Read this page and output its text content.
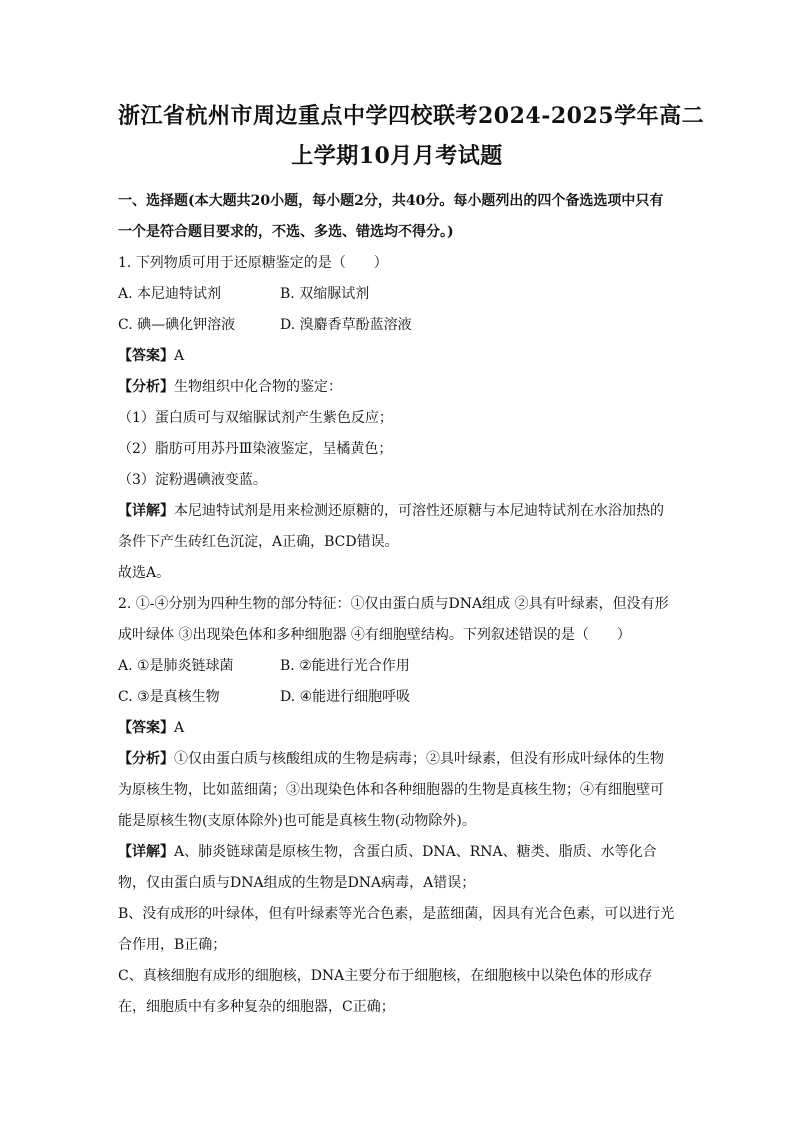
浙江省杭州市周边重点中学四校联考2024-2025学年高二
上学期10月月考试题

一、选择题(本大题共20小题，每小题2分，共40分。每小题列出的四个备选选项中只有一个是符合题目要求的，不选、多选、错选均不得分。)

1. 下列物质可用于还原糖鉴定的是（　　）

A. 本尼迪特试剂	B. 双缩脲试剂
C. 碘—碘化钾溶液	D. 溴麝香草酚蓝溶液

【答案】A

【分析】生物组织中化合物的鉴定：

（1）蛋白质可与双缩脲试剂产生紫色反应；

（2）脂肪可用苏丹Ⅲ染液鉴定，呈橘黄色；

（3）淀粉遇碘液变蓝。

【详解】本尼迪特试剂是用来检测还原糖的，可溶性还原糖与本尼迪特试剂在水浴加热的条件下产生砖红色沉淀，A正确，BCD错误。

故选A。

2. ①-④分别为四种生物的部分特征：①仅由蛋白质与DNA组成 ②具有叶绿素，但没有形成叶绿体 ③出现染色体和多种细胞器 ④有细胞壁结构。下列叙述错误的是（　　）

A. ①是肺炎链球菌	B. ②能进行光合作用
C. ③是真核生物	D. ④能进行细胞呼吸

【答案】A

【分析】①仅由蛋白质与核酸组成的生物是病毒；②具叶绿素，但没有形成叶绿体的生物为原核生物，比如蓝细菌；③出现染色体和各种细胞器的生物是真核生物；④有细胞壁可能是原核生物(支原体除外)也可能是真核生物(动物除外)。

【详解】A、肺炎链球菌是原核生物，含蛋白质、DNA、RNA、糖类、脂质、水等化合物，仅由蛋白质与DNA组成的生物是DNA病毒，A错误；

B、没有成形的叶绿体，但有叶绿素等光合色素，是蓝细菌，因具有光合色素，可以进行光合作用，B正确；

C、真核细胞有成形的细胞核，DNA主要分布于细胞核，在细胞核中以染色体的形成存在，细胞质中有多种复杂的细胞器，C正确；
